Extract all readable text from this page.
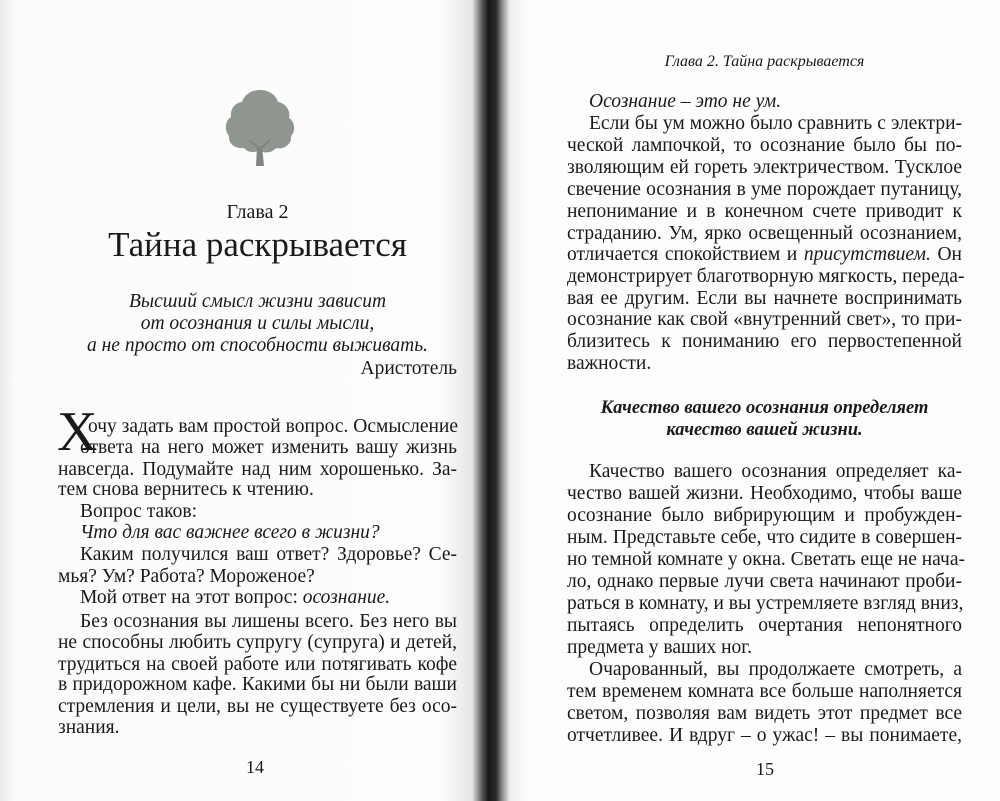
Глава 2
Тайна раскрывается
Высший смысл жизни зависит
от осознания и силы мысли,
а не просто от способности выживать.
Аристотель
Х
очу задать вам простой вопрос. Осмысление
ответа на него может изменить вашу жизнь
навсегда. Подумайте над ним хорошенько. За-
тем снова вернитесь к чтению.
Вопрос таков:
Что для вас важнее всего в жизни?
Каким получился ваш ответ? Здоровье? Се-
мья? Ум? Работа? Мороженое?
Мой ответ на этот вопрос: осознание.
Без осознания вы лишены всего. Без него вы
не способны любить супругу (супруга) и детей,
трудиться на своей работе или потягивать кофе
в придорожном кафе. Какими бы ни были ваши
стремления и цели, вы не существуете без осо-
знания.
14
Глава 2. Тайна раскрывается
Осознание – это не ум.
Если бы ум можно было сравнить с электри-
ческой лампочкой, то осознание было бы по-
зволяющим ей гореть электричеством. Тусклое
свечение осознания в уме порождает путаницу,
непонимание и в конечном счете приводит к
страданию. Ум, ярко освещенный осознанием,
отличается спокойствием и присутствием. Он
демонстрирует благотворную мягкость, переда-
вая ее другим. Если вы начнете воспринимать
осознание как свой «внутренний свет», то при-
близитесь к пониманию его первостепенной
важности.
Качество вашего осознания определяет
качество вашей жизни.
Качество вашего осознания определяет ка-
чество вашей жизни. Необходимо, чтобы ваше
осознание было вибрирующим и пробужден-
ным. Представьте себе, что сидите в совершен-
но темной комнате у окна. Светать еще не нача-
ло, однако первые лучи света начинают проби-
раться в комнату, и вы устремляете взгляд вниз,
пытаясь определить очертания непонятного
предмета у ваших ног.
Очарованный, вы продолжаете смотреть, а
тем временем комната все больше наполняется
светом, позволяя вам видеть этот предмет все
отчетливее. И вдруг – о ужас! – вы понимаете,
15
